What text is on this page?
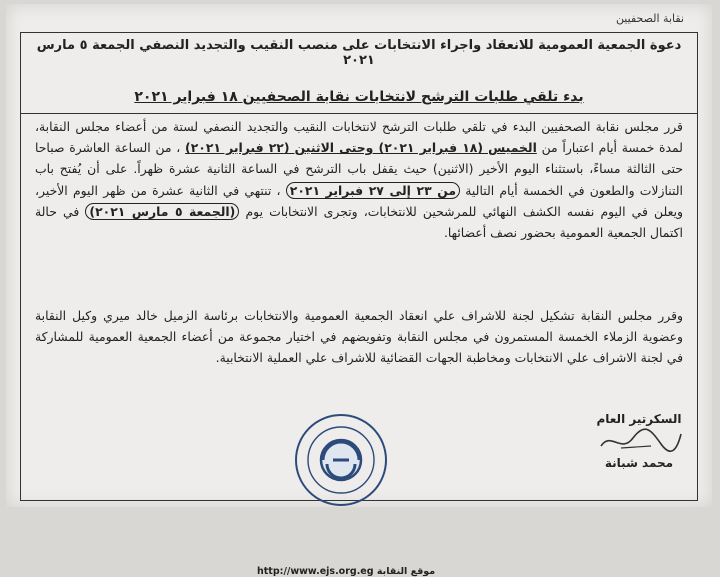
نقابة الصحفيين
دعوة الجمعية العمومية للانعقاد واجراء الانتخابات على منصب النقيب والتجديد النصفي الجمعة ٥ مارس ٢٠٢١
بدء تلقي طلبات الترشح لانتخابات نقابة الصحفيين ١٨ فبراير ٢٠٢١
قرر مجلس نقابة الصحفيين البدء في تلقي طلبات الترشح لانتخابات النقيب والتجديد النصفي لستة من أعضاء مجلس النقابة، لمدة خمسة أيام اعتباراً من الخميس (١٨ فبراير ٢٠٢١) وحتى الاثنين (٢٢ فبراير ٢٠٢١) ، من الساعة العاشرة صباحا حتى الثالثة مساءً، باستثناء اليوم الأخير (الاثنين) حيث يقفل باب الترشح في الساعة الثانية عشرة ظهراً. على أن يُفتح باب التنازلات والطعون في الخمسة أيام التالية من ٢٣ إلى ٢٧ فبراير ٢٠٢١ ، تنتهي في الثانية عشرة من ظهر اليوم الأخير، ويعلن في اليوم نفسه الكشف النهائي للمرشحين للانتخابات، وتجرى الانتخابات يوم (الجمعة ٥ مارس ٢٠٢١) في حالة اكتمال الجمعية العمومية بحضور نصف أعضائها.
وقرر مجلس النقابة تشكيل لجنة للاشراف علي انعقاد الجمعية العمومية والانتخابات برئاسة الزميل خالد ميري وكيل النقابة وعضوية الزملاء الخمسة المستمرون في مجلس النقابة وتفويضهم في اختيار مجموعة من أعضاء الجمعية العمومية للمشاركة في لجنة الاشراف علي الانتخابات ومخاطبة الجهات القضائية للاشراف علي العملية الانتخابية.
السكرتير العام
محمد شبانة
http://www.ejs.org.eg موقع النقابة
